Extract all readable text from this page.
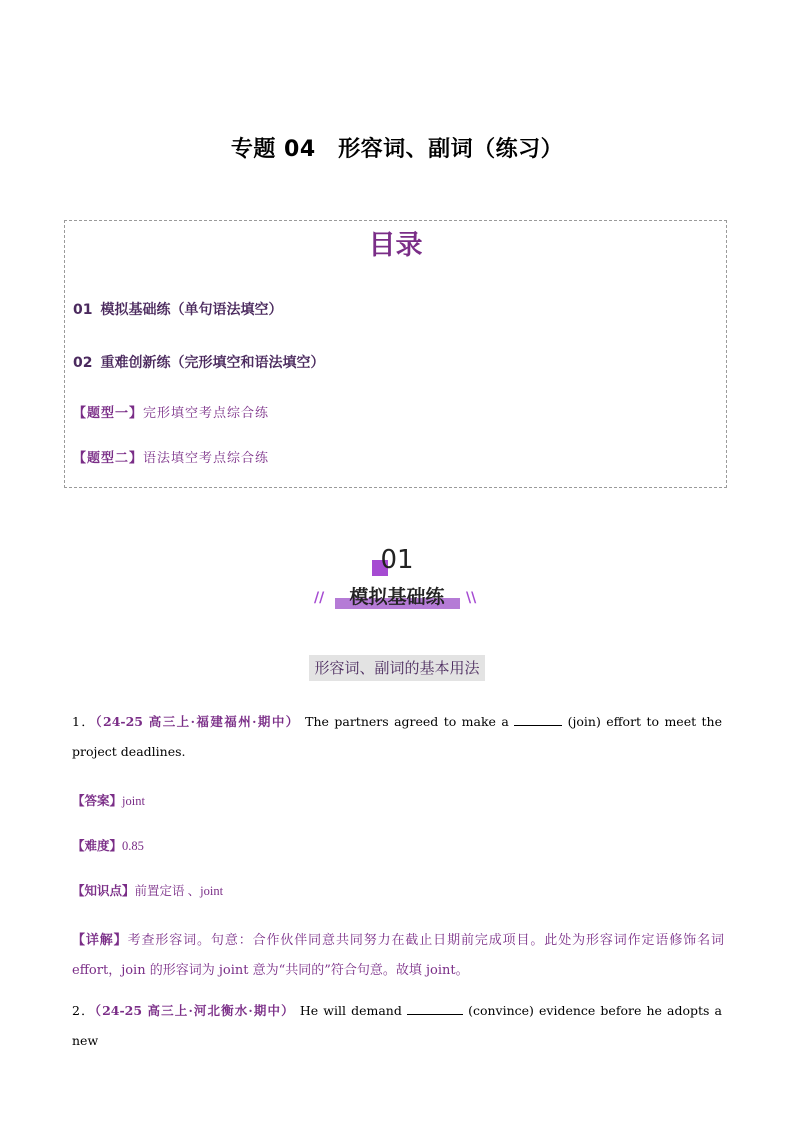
专题 04　形容词、副词（练习）
目录
01 模拟基础练（单句语法填空）
02 重难创新练（完形填空和语法填空）
【题型一】完形填空考点综合练
【题型二】语法填空考点综合练
01
//	模拟基础练	\\
形容词、副词的基本用法
1．（24-25 高三上·福建福州·期中） The partners agreed to make a	(join) effort to meet the project deadlines.
【答案】joint
【难度】0.85
【知识点】前置定语 、joint
【详解】考查形容词。句意：合作伙伴同意共同努力在截止日期前完成项目。此处为形容词作定语修饰名词 effort，join 的形容词为 joint 意为“共同的”符合句意。故填 joint。
2．（24-25 高三上·河北衡水·期中） He will demand	(convince) evidence before he adopts a new
